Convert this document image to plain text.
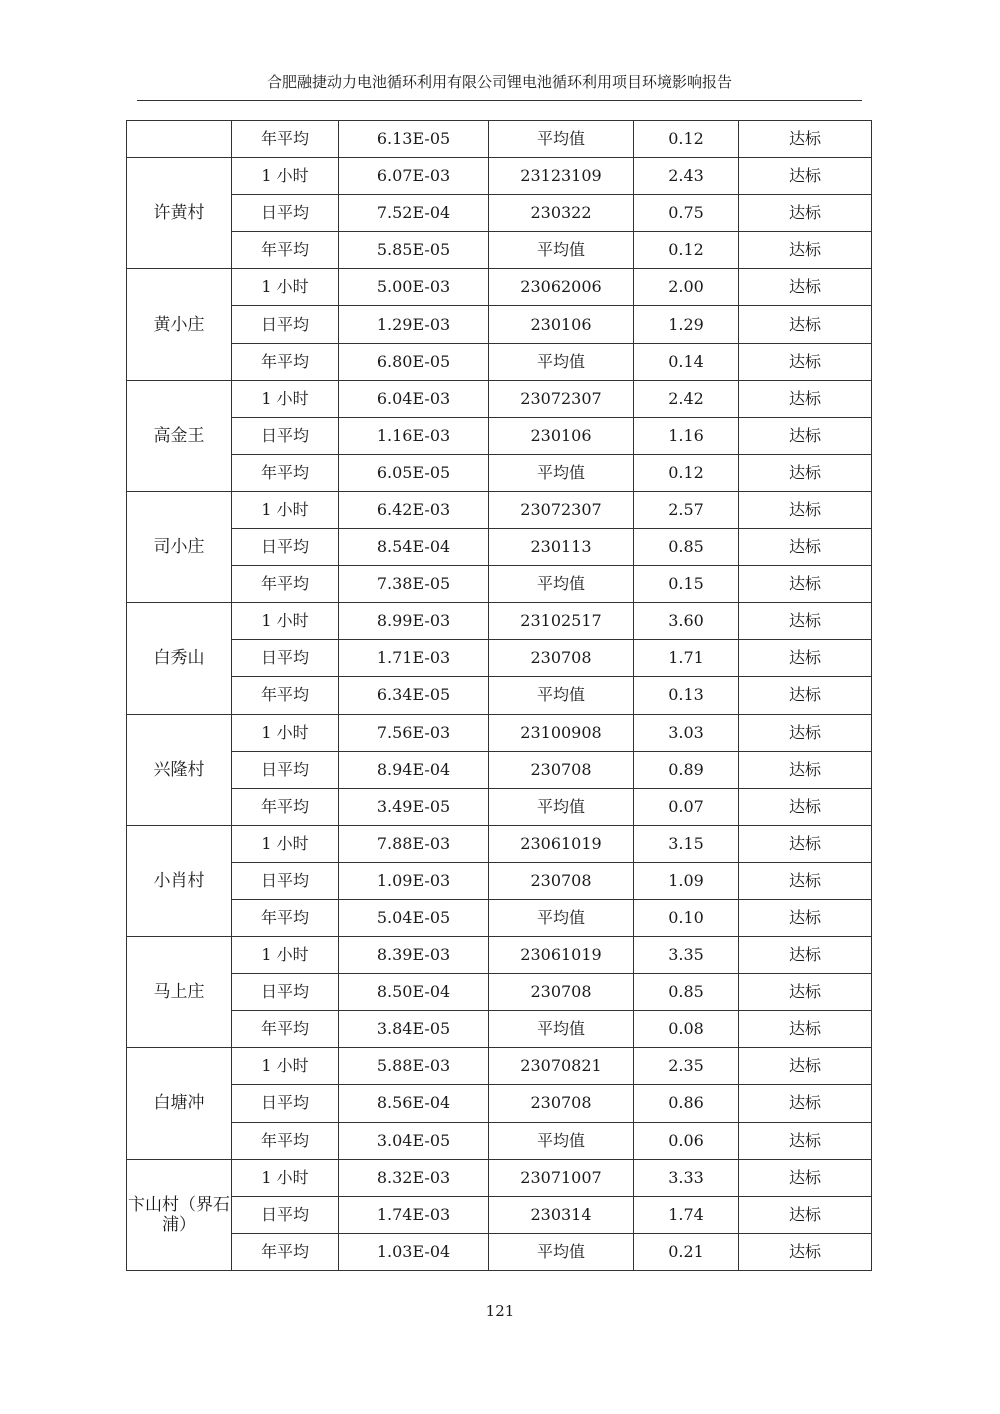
合肥融捷动力电池循环利用有限公司锂电池循环利用项目环境影响报告
	年平均	6.13E-05	平均值	0.12	达标
许黄村	1 小时	6.07E-03	23123109	2.43	达标
	日平均	7.52E-04	230322	0.75	达标
	年平均	5.85E-05	平均值	0.12	达标
黄小庄	1 小时	5.00E-03	23062006	2.00	达标
	日平均	1.29E-03	230106	1.29	达标
	年平均	6.80E-05	平均值	0.14	达标
高金王	1 小时	6.04E-03	23072307	2.42	达标
	日平均	1.16E-03	230106	1.16	达标
	年平均	6.05E-05	平均值	0.12	达标
司小庄	1 小时	6.42E-03	23072307	2.57	达标
	日平均	8.54E-04	230113	0.85	达标
	年平均	7.38E-05	平均值	0.15	达标
白秀山	1 小时	8.99E-03	23102517	3.60	达标
	日平均	1.71E-03	230708	1.71	达标
	年平均	6.34E-05	平均值	0.13	达标
兴隆村	1 小时	7.56E-03	23100908	3.03	达标
	日平均	8.94E-04	230708	0.89	达标
	年平均	3.49E-05	平均值	0.07	达标
小肖村	1 小时	7.88E-03	23061019	3.15	达标
	日平均	1.09E-03	230708	1.09	达标
	年平均	5.04E-05	平均值	0.10	达标
马上庄	1 小时	8.39E-03	23061019	3.35	达标
	日平均	8.50E-04	230708	0.85	达标
	年平均	3.84E-05	平均值	0.08	达标
白塘冲	1 小时	5.88E-03	23070821	2.35	达标
	日平均	8.56E-04	230708	0.86	达标
	年平均	3.04E-05	平均值	0.06	达标
卞山村（界石浦）	1 小时	8.32E-03	23071007	3.33	达标
	日平均	1.74E-03	230314	1.74	达标
	年平均	1.03E-04	平均值	0.21	达标
121
